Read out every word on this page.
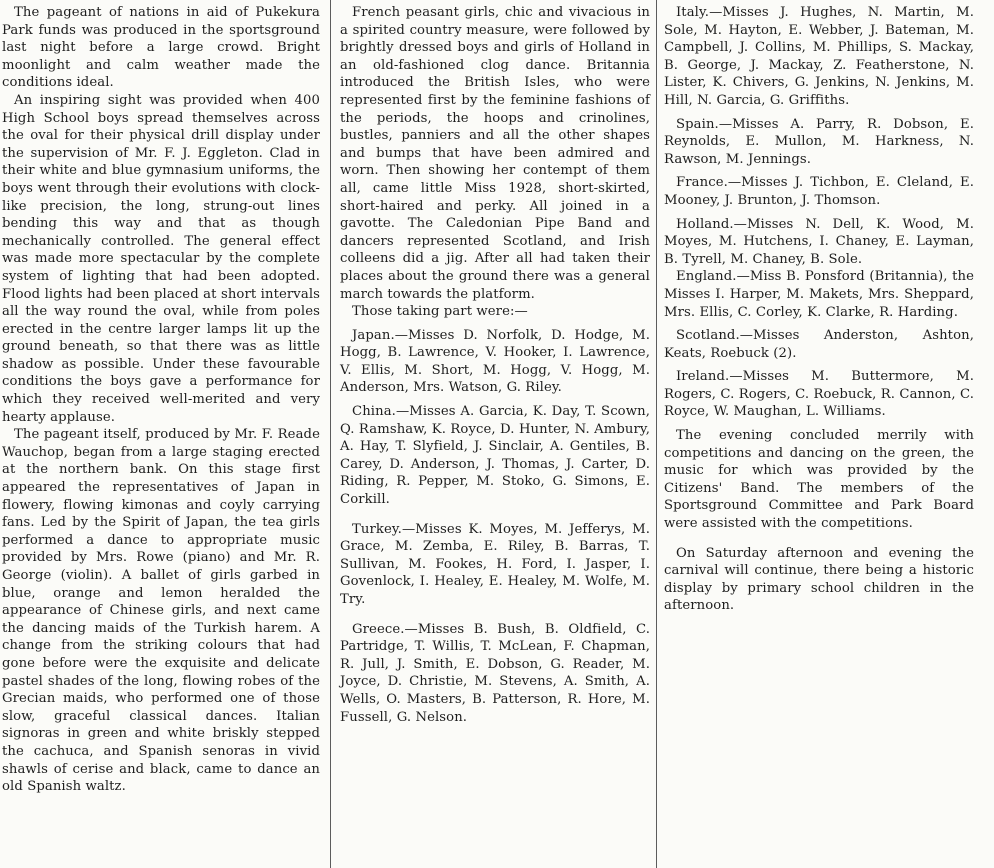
The pageant of nations in aid of Pukekura Park funds was produced in the sportsground last night before a large crowd. Bright moonlight and calm weather made the conditions ideal.

An inspiring sight was provided when 400 High School boys spread themselves across the oval for their physical drill display under the supervision of Mr. F. J. Eggleton. Clad in their white and blue gymnasium uniforms, the boys went through their evolutions with clock-like precision, the long, strung-out lines bending this way and that as though mechanically controlled. The general effect was made more spectacular by the complete system of lighting that had been adopted. Flood lights had been placed at short intervals all the way round the oval, while from poles erected in the centre larger lamps lit up the ground beneath, so that there was as little shadow as possible. Under these favourable conditions the boys gave a performance for which they received well-merited and very hearty applause.

The pageant itself, produced by Mr. F. Reade Wauchop, began from a large staging erected at the northern bank. On this stage first appeared the representatives of Japan in flowery, flowing kimonas and coyly carrying fans. Led by the Spirit of Japan, the tea girls performed a dance to appropriate music provided by Mrs. Rowe (piano) and Mr. R. George (violin). A ballet of girls garbed in blue, orange and lemon heralded the appearance of Chinese girls, and next came the dancing maids of the Turkish harem. A change from the striking colours that had gone before were the exquisite and delicate pastel shades of the long, flowing robes of the Grecian maids, who performed one of those slow, graceful classical dances. Italian signoras in green and white briskly stepped the cachuca, and Spanish senoras in vivid shawls of cerise and black, came to dance an old Spanish waltz.

French peasant girls, chic and vivacious in a spirited country measure, were followed by brightly dressed boys and girls of Holland in an old-fashioned clog dance. Britannia introduced the British Isles, who were represented first by the feminine fashions of the periods, the hoops and crinolines, bustles, panniers and all the other shapes and bumps that have been admired and worn. Then showing her contempt of them all, came little Miss 1928, short-skirted, short-haired and perky. All joined in a gavotte. The Caledonian Pipe Band and dancers represented Scotland, and Irish colleens did a jig. After all had taken their places about the ground there was a general march towards the platform.

Those taking part were:—

Japan.—Misses D. Norfolk, D. Hodge, M. Hogg, B. Lawrence, V. Hooker, I. Lawrence, V. Ellis, M. Short, M. Hogg, V. Hogg, M. Anderson, Mrs. Watson, G. Riley.

China.—Misses A. Garcia, K. Day, T. Scown, Q. Ramshaw, K. Royce, D. Hunter, N. Ambury, A. Hay, T. Slyfield, J. Sinclair, A. Gentiles, B. Carey, D. Anderson, J. Thomas, J. Carter, D. Riding, R. Pepper, M. Stoko, G. Simons, E. Corkill.

Turkey.—Misses K. Moyes, M. Jefferys, M. Grace, M. Zemba, E. Riley, B. Barras, T. Sullivan, M. Fookes, H. Ford, I. Jasper, I. Govenlock, I. Healey, E. Healey, M. Wolfe, M. Try.

Greece.—Misses B. Bush, B. Oldfield, C. Partridge, T. Willis, T. McLean, F. Chapman, R. Jull, J. Smith, E. Dobson, G. Reader, M. Joyce, D. Christie, M. Stevens, A. Smith, A. Wells, O. Masters, B. Patterson, R. Hore, M. Fussell, G. Nelson.

Italy.—Misses J. Hughes, N. Martin, M. Sole, M. Hayton, E. Webber, J. Bateman, M. Campbell, J. Collins, M. Phillips, S. Mackay, B. George, J. Mackay, Z. Featherstone, N. Lister, K. Chivers, G. Jenkins, N. Jenkins, M. Hill, N. Garcia, G. Griffiths.

Spain.—Misses A. Parry, R. Dobson, E. Reynolds, E. Mullon, M. Harkness, N. Rawson, M. Jennings.

France.—Misses J. Tichbon, E. Cleland, E. Mooney, J. Brunton, J. Thomson.

Holland.—Misses N. Dell, K. Wood, M. Moyes, M. Hutchens, I. Chaney, E. Layman, B. Tyrell, M. Chaney, B. Sole.

England.—Miss B. Ponsford (Britannia), the Misses I. Harper, M. Makets, Mrs. Sheppard, Mrs. Ellis, C. Corley, K. Clarke, R. Harding.

Scotland.—Misses Anderston, Ashton, Keats, Roebuck (2).

Ireland.—Misses M. Buttermore, M. Rogers, C. Rogers, C. Roebuck, R. Cannon, C. Royce, W. Maughan, L. Williams.

The evening concluded merrily with competitions and dancing on the green, the music for which was provided by the Citizens' Band. The members of the Sportsground Committee and Park Board were assisted with the competitions.

On Saturday afternoon and evening the carnival will continue, there being a historic display by primary school children in the afternoon.
